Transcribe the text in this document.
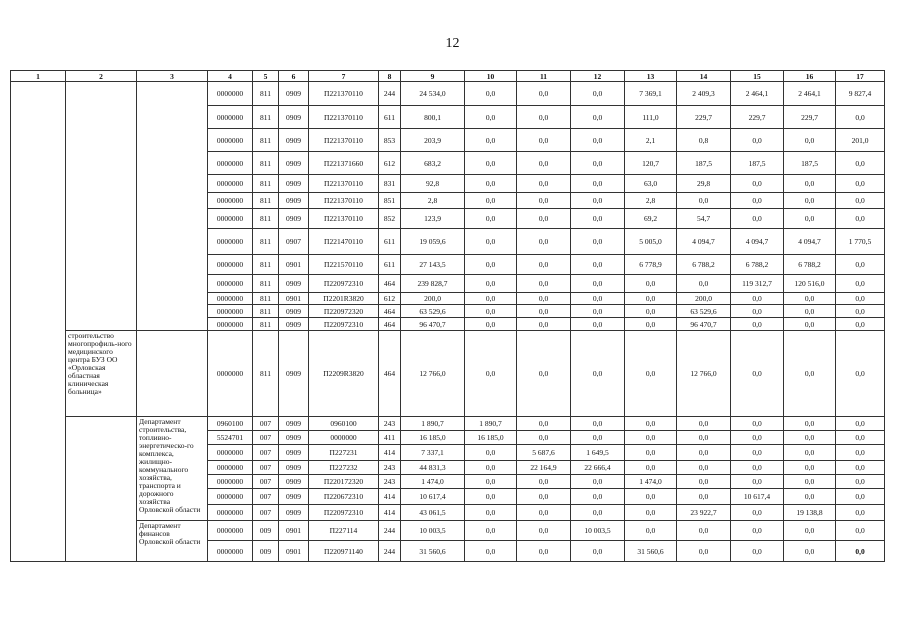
12
1	2	3	4	5	6	7	8	9	10	11	12	13	14	15	16	17
			0000000	811	0909	П221370110	244	24 534,0	0,0	0,0	0,0	7 369,1	2 409,3	2 464,1	2 464,1	9 827,4
			0000000	811	0909	П221370110	611	800,1	0,0	0,0	0,0	111,0	229,7	229,7	229,7	0,0
			0000000	811	0909	П221370110	853	203,9	0,0	0,0	0,0	2,1	0,8	0,0	0,0	201,0
			0000000	811	0909	П221371660	612	683,2	0,0	0,0	0,0	120,7	187,5	187,5	187,5	0,0
			0000000	811	0909	П221370110	831	92,8	0,0	0,0	0,0	63,0	29,8	0,0	0,0	0,0
			0000000	811	0909	П221370110	851	2,8	0,0	0,0	0,0	2,8	0,0	0,0	0,0	0,0
			0000000	811	0909	П221370110	852	123,9	0,0	0,0	0,0	69,2	54,7	0,0	0,0	0,0
			0000000	811	0907	П221470110	611	19 059,6	0,0	0,0	0,0	5 005,0	4 094,7	4 094,7	4 094,7	1 770,5
			0000000	811	0901	П221570110	611	27 143,5	0,0	0,0	0,0	6 778,9	6 788,2	6 788,2	6 788,2	0,0
			0000000	811	0909	П220972310	464	239 828,7	0,0	0,0	0,0	0,0	0,0	119 312,7	120 516,0	0,0
			0000000	811	0901	П2201R3820	612	200,0	0,0	0,0	0,0	0,0	200,0	0,0	0,0	0,0
			0000000	811	0909	П220972320	464	63 529,6	0,0	0,0	0,0	0,0	63 529,6	0,0	0,0	0,0
			0000000	811	0909	П220972310	464	96 470,7	0,0	0,0	0,0	0,0	96 470,7	0,0	0,0	0,0
	строительство многопрофиль-ного медицинского центра БУЗ ОО «Орловская областная клиническая больница»		0000000	811	0909	П2209R3820	464	12 766,0	0,0	0,0	0,0	0,0	12 766,0	0,0	0,0	0,0
		Департамент строительства, топливно-энергетическо-го комплекса, жилищно-коммунального хозяйства, транспорта и дорожного хозяйства Орловской области	0960100	007	0909	0960100	243	1 890,7	1 890,7	0,0	0,0	0,0	0,0	0,0	0,0	0,0
			5524701	007	0909	0000000	411	16 185,0	16 185,0	0,0	0,0	0,0	0,0	0,0	0,0	0,0
			0000000	007	0909	П227231	414	7 337,1	0,0	5 687,6	1 649,5	0,0	0,0	0,0	0,0	0,0
			0000000	007	0909	П227232	243	44 831,3	0,0	22 164,9	22 666,4	0,0	0,0	0,0	0,0	0,0
			0000000	007	0909	П220172320	243	1 474,0	0,0	0,0	0,0	1 474,0	0,0	0,0	0,0	0,0
			0000000	007	0909	П220672310	414	10 617,4	0,0	0,0	0,0	0,0	0,0	10 617,4	0,0	0,0
			0000000	007	0909	П220972310	414	43 061,5	0,0	0,0	0,0	0,0	23 922,7	0,0	19 138,8	0,0
		Департамент финансов Орловской области	0000000	009	0901	П227114	244	10 003,5	0,0	0,0	10 003,5	0,0	0,0	0,0	0,0	0,0
			0000000	009	0901	П220971140	244	31 560,6	0,0	0,0	0,0	31 560,6	0,0	0,0	0,0	0,0
